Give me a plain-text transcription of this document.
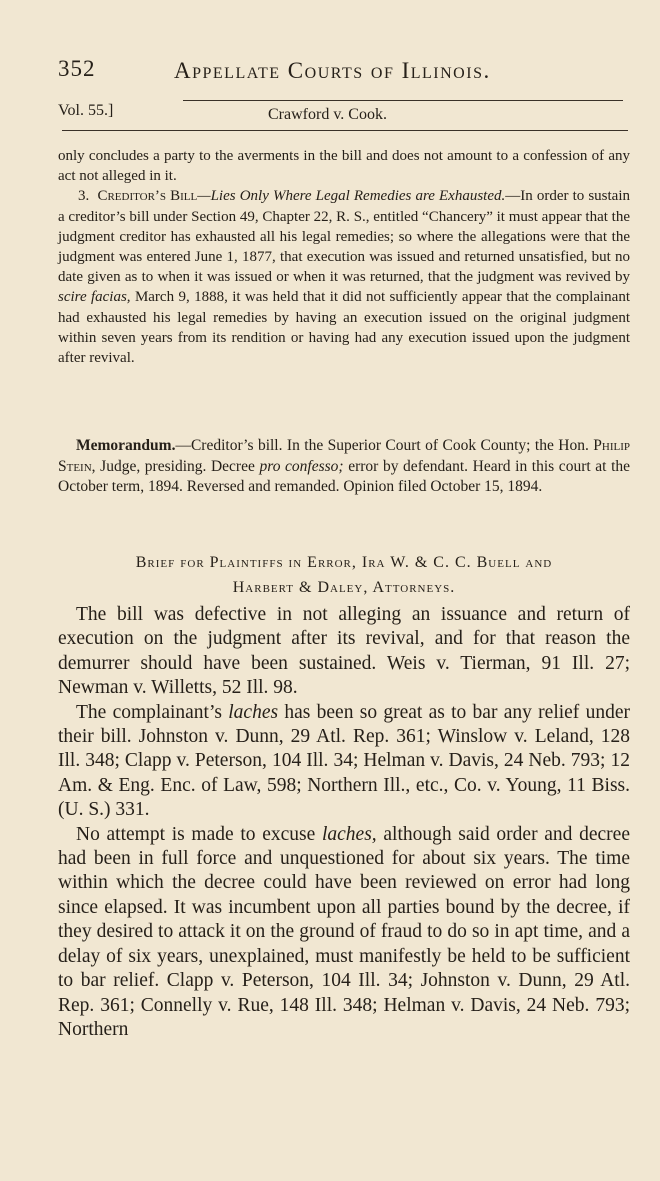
352	Appellate Courts of Illinois.
Vol. 55.]	Crawford v. Cook.

only concludes a party to the averments in the bill and does not amount to a confession of any act not alleged in it.

3. Creditor’s Bill—Lies Only Where Legal Remedies are Exhausted.—In order to sustain a creditor’s bill under Section 49, Chapter 22, R. S., entitled “Chancery” it must appear that the judgment creditor has exhausted all his legal remedies; so where the allegations were that the judgment was entered June 1, 1877, that execution was issued and returned unsatisfied, but no date given as to when it was issued or when it was returned, that the judgment was revived by scire facias, March 9, 1888, it was held that it did not sufficiently appear that the complainant had exhausted his legal remedies by having an execution issued on the original judgment within seven years from its rendition or having had any execution issued upon the judgment after revival.

Memorandum.—Creditor’s bill. In the Superior Court of Cook County; the Hon. Philip Stein, Judge, presiding. Decree pro confesso; error by defendant. Heard in this court at the October term, 1894. Reversed and remanded. Opinion filed October 15, 1894.

Brief for Plaintiffs in Error, Ira W. & C. C. Buell and
Harbert & Daley, Attorneys.

The bill was defective in not alleging an issuance and return of execution on the judgment after its revival, and for that reason the demurrer should have been sustained. Weis v. Tierman, 91 Ill. 27; Newman v. Willetts, 52 Ill. 98.

The complainant’s laches has been so great as to bar any relief under their bill. Johnston v. Dunn, 29 Atl. Rep. 361; Winslow v. Leland, 128 Ill. 348; Clapp v. Peterson, 104 Ill. 34; Helman v. Davis, 24 Neb. 793; 12 Am. & Eng. Enc. of Law, 598; Northern Ill., etc., Co. v. Young, 11 Biss. (U. S.) 331.

No attempt is made to excuse laches, although said order and decree had been in full force and unquestioned for about six years. The time within which the decree could have been reviewed on error had long since elapsed. It was incumbent upon all parties bound by the decree, if they desired to attack it on the ground of fraud to do so in apt time, and a delay of six years, unexplained, must manifestly be held to be sufficient to bar relief. Clapp v. Peterson, 104 Ill. 34; Johnston v. Dunn, 29 Atl. Rep. 361; Connelly v. Rue, 148 Ill. 348; Helman v. Davis, 24 Neb. 793; Northern
